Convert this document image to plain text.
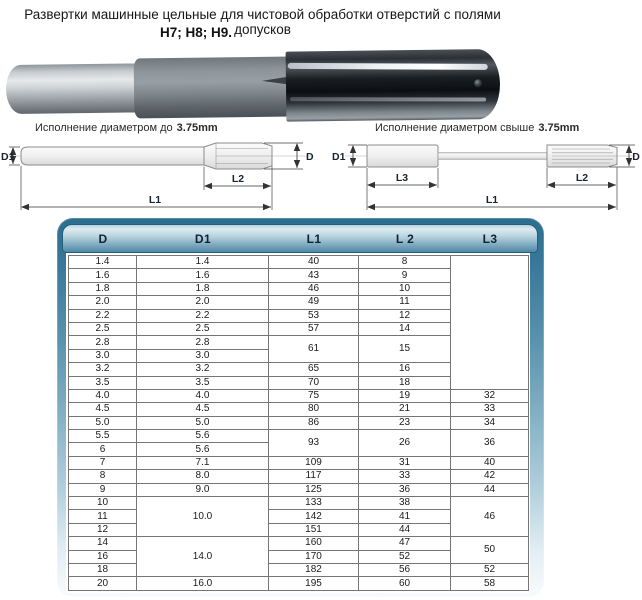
Развертки машинные цельные для чистовой обработки отверстий с полями допусков
H7; H8; H9.
Исполнение диаметром до 3.75mm	Исполнение диаметром свыше 3.75mm
D1	D
L2
L1
D1	D
L3	L2
L1
D	D1	L1	L 2	L3
1.4	1.4	40	8	
1.6	1.6	43	9	
1.8	1.8	46	10	
2.0	2.0	49	11	
2.2	2.2	53	12	
2.5	2.5	57	14	
2.8	2.8	61	15	
3.0	3.0			
3.2	3.2	65	16	
3.5	3.5	70	18	
4.0	4.0	75	19	32
4.5	4.5	80	21	33
5.0	5.0	86	23	34
5.5	5.6	93	26	36
6	5.6			
7	7.1	109	31	40
8	8.0	117	33	42
9	9.0	125	36	44
10	10.0	133	38	46
11		142	41	
12		151	44	
14	14.0	160	47	50
16		170	52	
18		182	56	52
20	16.0	195	60	58
